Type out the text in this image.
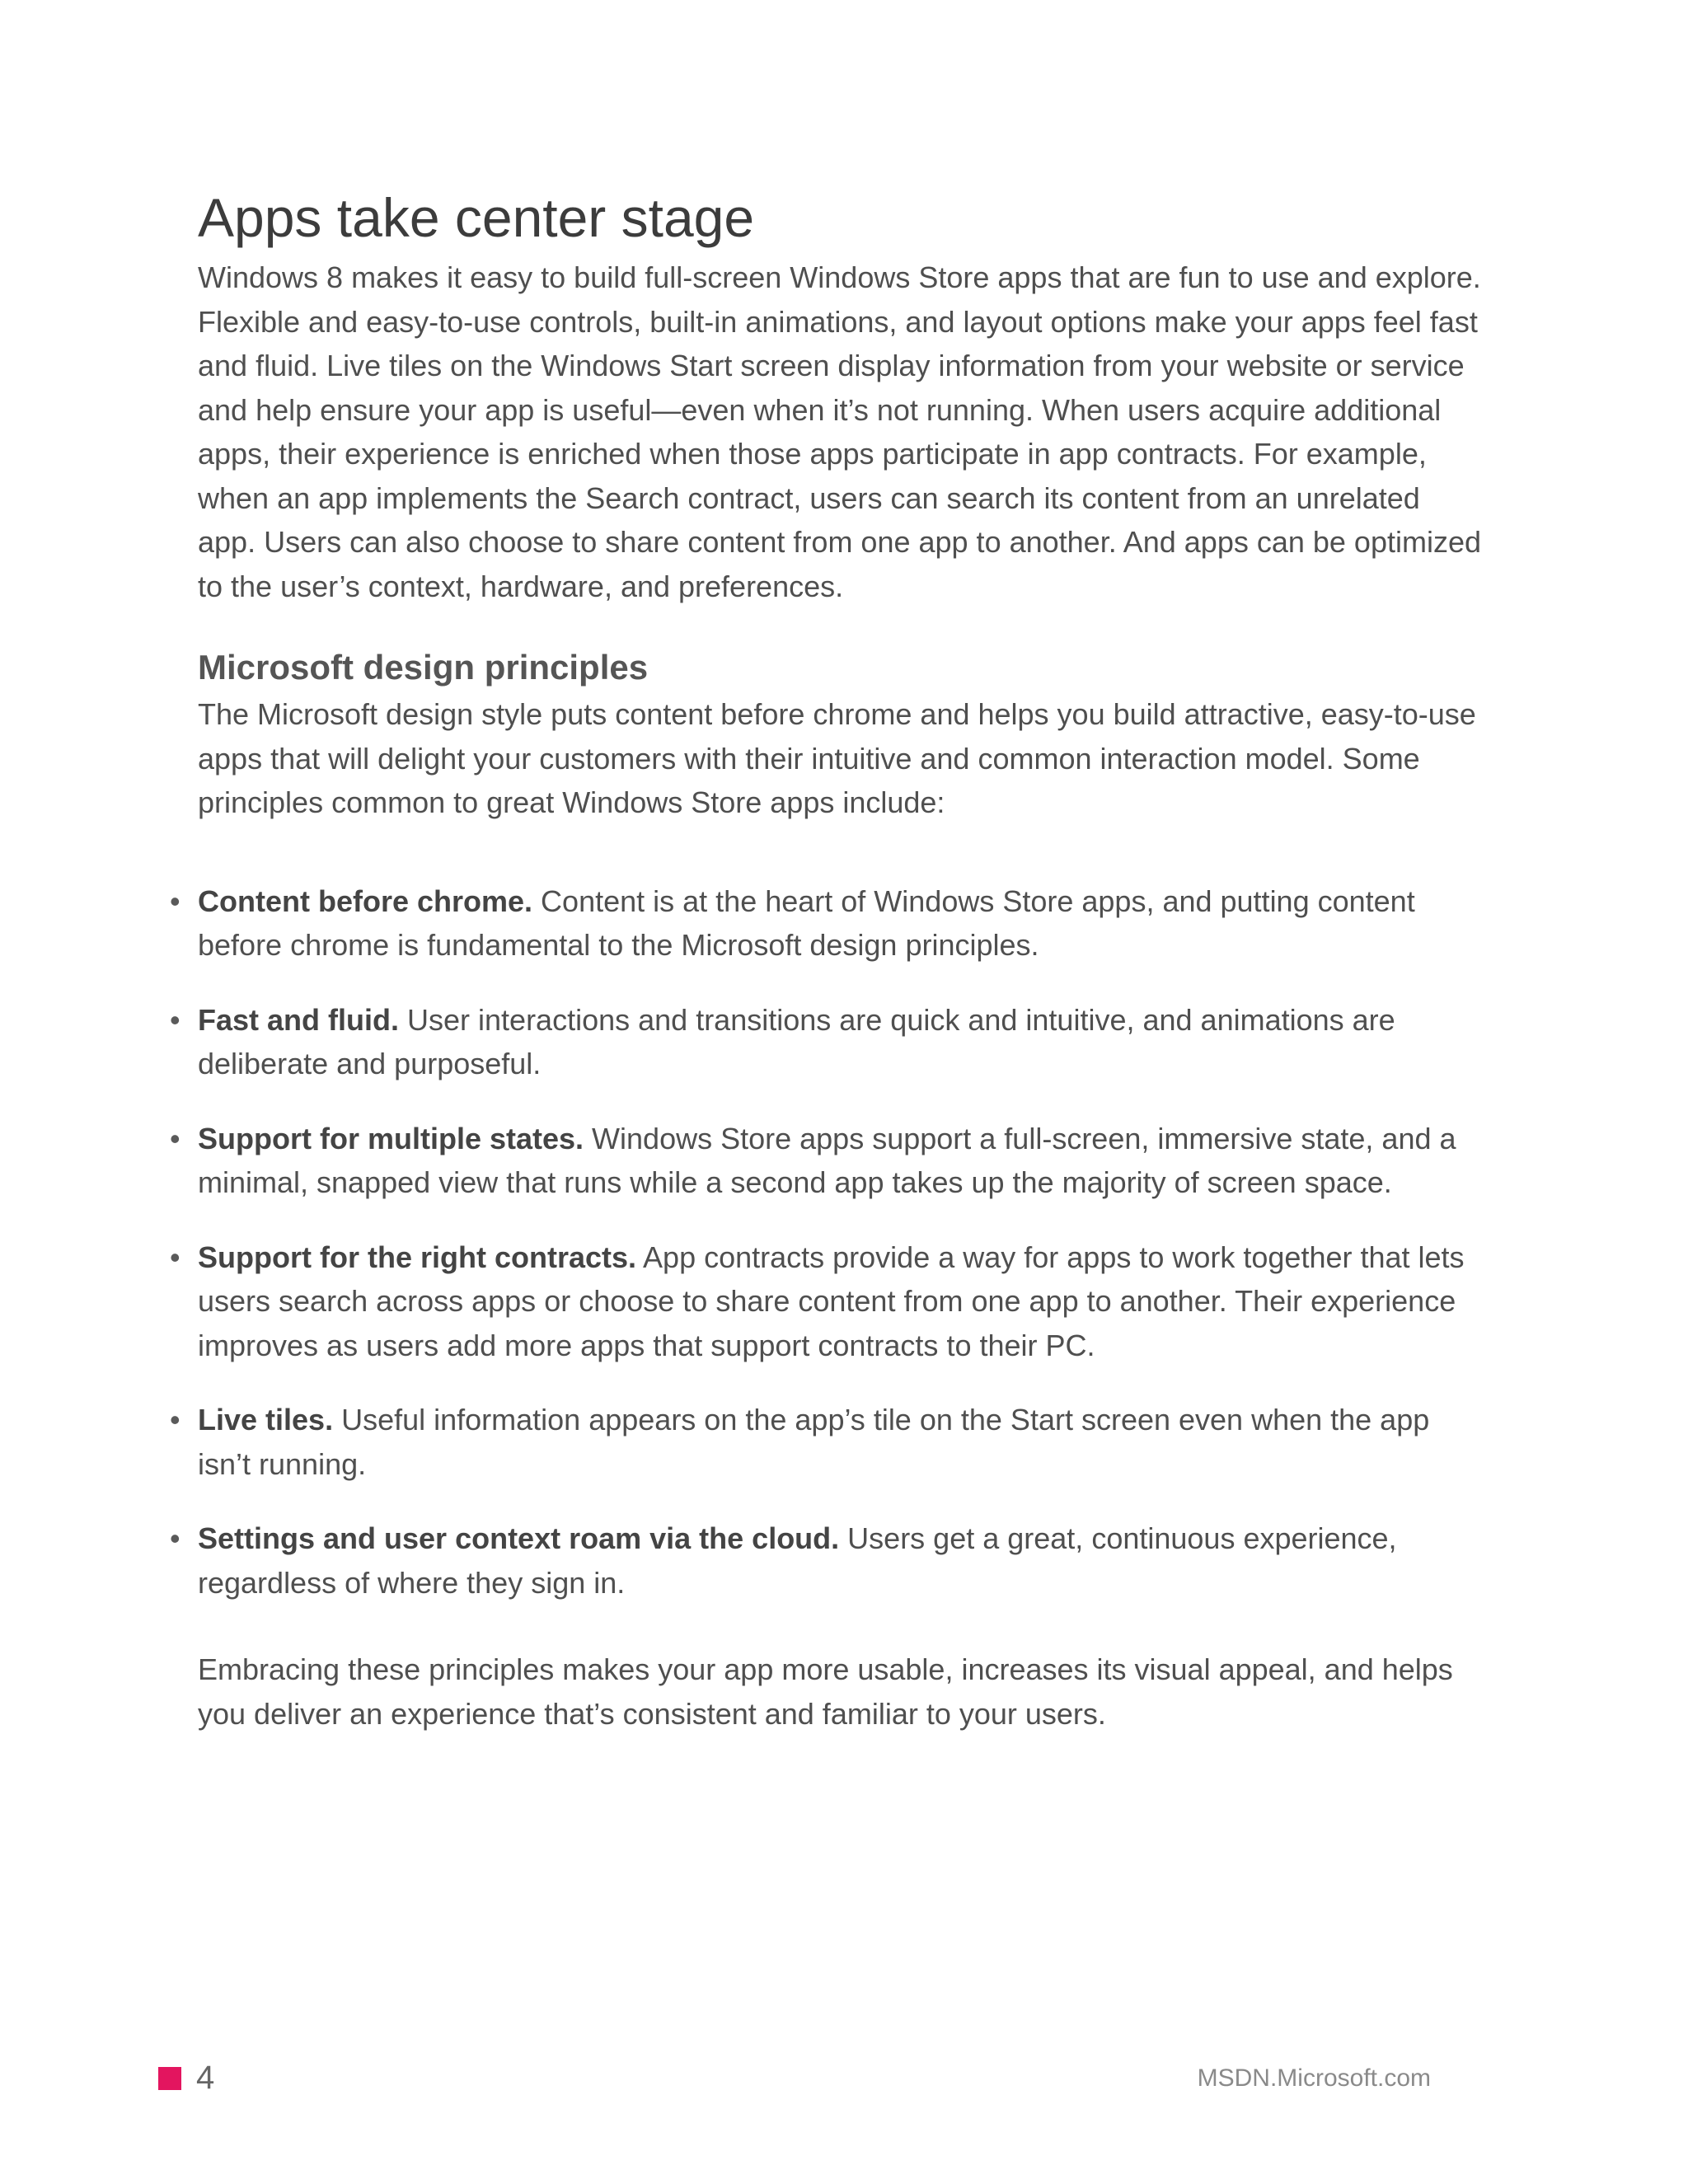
Apps take center stage

Windows 8 makes it easy to build full-screen Windows Store apps that are fun to use and explore. Flexible and easy-to-use controls, built-in animations, and layout options make your apps feel fast and fluid. Live tiles on the Windows Start screen display information from your website or service and help ensure your app is useful—even when it’s not running. When users acquire additional apps, their experience is enriched when those apps participate in app contracts. For example, when an app implements the Search contract, users can search its content from an unrelated app. Users can also choose to share content from one app to another. And apps can be optimized to the user’s context, hardware, and preferences.

Microsoft design principles

The Microsoft design style puts content before chrome and helps you build attractive, easy-to-use apps that will delight your customers with their intuitive and common interaction model. Some principles common to great Windows Store apps include:

• Content before chrome. Content is at the heart of Windows Store apps, and putting content before chrome is fundamental to the Microsoft design principles.
• Fast and fluid. User interactions and transitions are quick and intuitive, and animations are deliberate and purposeful.
• Support for multiple states. Windows Store apps support a full-screen, immersive state, and a minimal, snapped view that runs while a second app takes up the majority of screen space.
• Support for the right contracts. App contracts provide a way for apps to work together that lets users search across apps or choose to share content from one app to another. Their experience improves as users add more apps that support contracts to their PC.
• Live tiles. Useful information appears on the app’s tile on the Start screen even when the app isn’t running.
• Settings and user context roam via the cloud. Users get a great, continuous experience, regardless of where they sign in.

Embracing these principles makes your app more usable, increases its visual appeal, and helps you deliver an experience that’s consistent and familiar to your users.

4	MSDN.Microsoft.com
